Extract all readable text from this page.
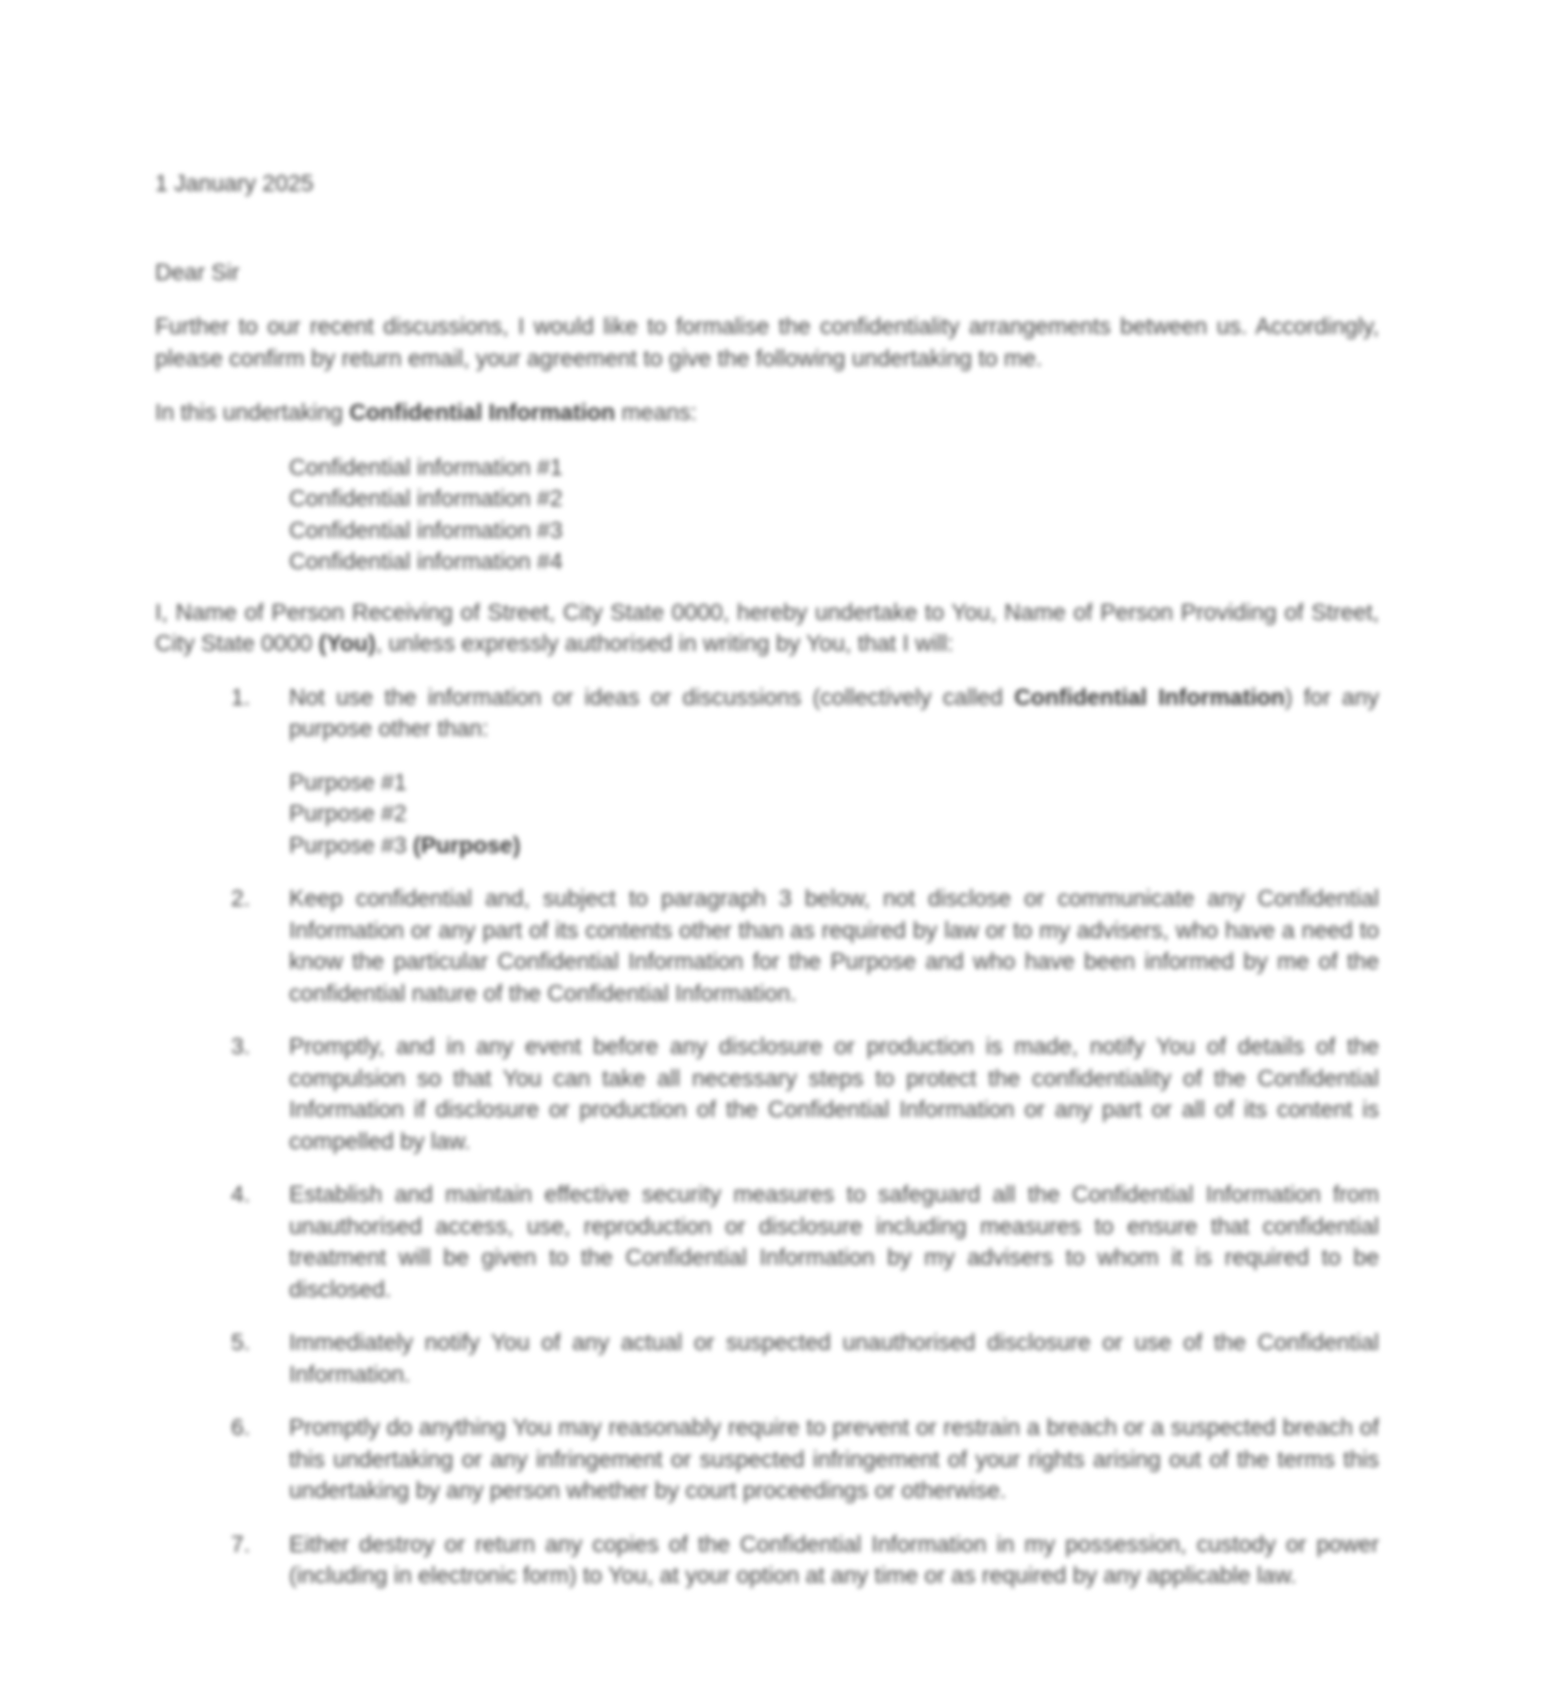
1 January 2025

Dear Sir

Further to our recent discussions, I would like to formalise the confidentiality arrangements between us. Accordingly, please confirm by return email, your agreement to give the following undertaking to me.

In this undertaking Confidential Information means:

Confidential information #1
Confidential information #2
Confidential information #3
Confidential information #4

I, Name of Person Receiving of Street, City State 0000, hereby undertake to You, Name of Person Providing of Street, City State 0000 (You), unless expressly authorised in writing by You, that I will:

1. Not use the information or ideas or discussions (collectively called Confidential Information) for any purpose other than:
Purpose #1
Purpose #2
Purpose #3 (Purpose)
2. Keep confidential and, subject to paragraph 3 below, not disclose or communicate any Confidential Information or any part of its contents other than as required by law or to my advisers, who have a need to know the particular Confidential Information for the Purpose and who have been informed by me of the confidential nature of the Confidential Information.
3. Promptly, and in any event before any disclosure or production is made, notify You of details of the compulsion so that You can take all necessary steps to protect the confidentiality of the Confidential Information if disclosure or production of the Confidential Information or any part or all of its content is compelled by law.
4. Establish and maintain effective security measures to safeguard all the Confidential Information from unauthorised access, use, reproduction or disclosure including measures to ensure that confidential treatment will be given to the Confidential Information by my advisers to whom it is required to be disclosed.
5. Immediately notify You of any actual or suspected unauthorised disclosure or use of the Confidential Information.
6. Promptly do anything You may reasonably require to prevent or restrain a breach or a suspected breach of this undertaking or any infringement or suspected infringement of your rights arising out of the terms this undertaking by any person whether by court proceedings or otherwise.
7. Either destroy or return any copies of the Confidential Information in my possession, custody or power (including in electronic form) to You, at your option at any time or as required by any applicable law.
